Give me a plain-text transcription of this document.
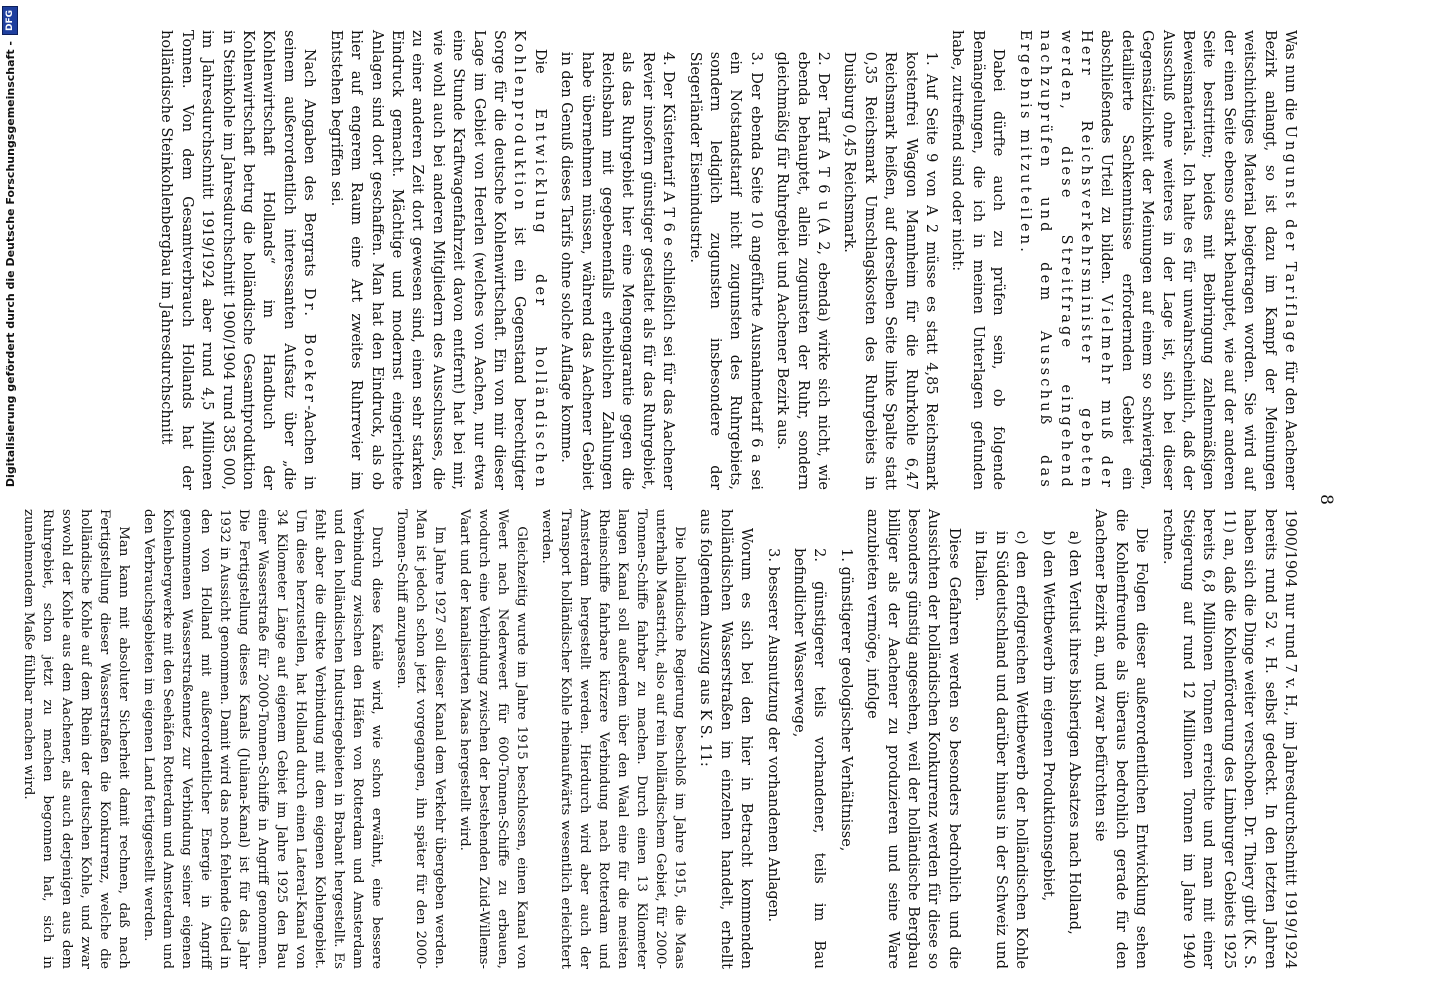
8

Was nun die Ungunst der Tariflage für den Aachener Bezirk anlangt, so ist dazu im Kampf der Meinungen weitschichtiges Material beigetragen worden. Sie wird auf der einen Seite ebenso stark behauptet, wie auf der anderen Seite bestritten; beides mit Beibringung zahlenmäßigen Beweismaterials. Ich halte es für unwahrscheinlich, daß der Ausschuß ohne weiteres in der Lage ist, sich bei dieser Gegensätzlichkeit der Meinungen auf einem so schwierigen, detaillierte Sachkenntnisse erfordernden Gebiet ein abschließendes Urteil zu bilden. Vielmehr muß der Herr Reichsverkehrsminister gebeten werden, diese Streitfrage eingehend nachzuprüfen und dem Ausschuß das Ergebnis mitzuteilen.

Dabei dürfte auch zu prüfen sein, ob folgende Bemängelungen, die ich in meinen Unterlagen gefunden habe, zutreffend sind oder nicht:

1. Auf Seite 9 von A 2 müsse es statt 4,85 Reichsmark kostenfrei Waggon Mannheim für die Ruhrkohle 6,47 Reichsmark heißen, auf derselben Seite linke Spalte statt 0,35 Reichsmark Umschlagskosten des Ruhrgebiets in Duisburg 0,45 Reichsmark.

2. Der Tarif A T 6 u (A 2, ebenda) wirke sich nicht, wie ebenda behauptet, allein zugunsten der Ruhr, sondern gleichmäßig für Ruhrgebiet und Aachener Bezirk aus.

3. Der ebenda Seite 10 angeführte Ausnahmetarif 6 a sei ein Notstandstarif nicht zugunsten des Ruhrgebiets, sondern lediglich zugunsten insbesondere der Siegerländer Eisenindustrie.

4. Der Küstentarif A T 6 e schließlich sei für das Aachener Revier insofern günstiger gestaltet als für das Ruhrgebiet, als das Ruhrgebiet hier eine Mengengarantie gegen die Reichsbahn mit gegebenenfalls erheblichen Zahlungen habe übernehmen müssen, während das Aachener Gebiet in den Genuß dieses Tarifs ohne solche Auflage komme.

Die Entwicklung der holländischen Kohlenproduktion ist ein Gegenstand berechtigter Sorge für die deutsche Kohlenwirtschaft. Ein von mir dieser Lage im Gebiet von Heerlen (welches von Aachen, nur etwa eine Stunde Kraftwagenfahrzeit davon entfernt) hat bei mir, wie wohl auch bei anderen Mitgliedern des Ausschusses, die zu einer anderen Zeit dort gewesen sind, einen sehr starken Eindruck gemacht. Mächtige und modernst eingerichtete Anlagen sind dort geschaffen. Man hat den Eindruck, als ob hier auf engerem Raum eine Art zweites Ruhrrevier im Entstehen begriffen sei.

Nach Angaben des Bergrats Dr. Boeker-Aachen in seinem außerordentlich interessanten Aufsatz über „die Kohlenwirtschaft Hollands“ im Handbuch der Kohlenwirtschaft betrug die holländische Gesamtproduktion in Steinkohle im Jahresdurchschnitt 1900/1904 rund 385 000, im Jahresdurchschnitt 1919/1924 aber rund 4,5 Millionen Tonnen. Von dem Gesamtverbrauch Hollands hat der holländische Steinkohlenbergbau im Jahresdurchschnitt

1900/1904 nur rund 7 v. H., im Jahresdurchschnitt 1919/1924 bereits rund 52 v. H. selbst gedeckt. In den letzten Jahren haben sich die Dinge weiter verschoben. Dr. Thiery gibt (K. S. 11) an, daß die Kohlenförderung des Limburger Gebiets 1925 bereits 6,8 Millionen Tonnen erreichte und man mit einer Steigerung auf rund 12 Millionen Tonnen im Jahre 1940 rechne.

Die Folgen dieser außerordentlichen Entwicklung sehen die Kohlenfreunde als überaus bedrohlich gerade für den Aachener Bezirk an, und zwar befürchten sie

a) den Verlust ihres bisherigen Absatzes nach Holland,

b) den Wettbewerb im eigenen Produktionsgebiet,

c) den erfolgreichen Wettbewerb der holländischen Kohle in Süddeutschland und darüber hinaus in der Schweiz und in Italien.

Diese Gefahren werden so besonders bedrohlich und die Aussichten der holländischen Konkurrenz werden für diese so besonders günstig angesehen, weil der holländische Bergbau billiger als der Aachener zu produzieren und seine Ware anzubieten vermöge, infolge

1. günstigerer geologischer Verhältnisse,

2. günstigerer teils vorhandener, teils im Bau befindlicher Wasserwege,

3. besserer Ausnutzung der vorhandenen Anlagen.

Worum es sich bei den hier in Betracht kommenden holländischen Wasserstraßen im einzelnen handelt, erhellt aus folgendem Auszug aus K S. 11:

Die holländische Regierung beschloß im Jahre 1915, die Maas unterhalb Maastricht, also auf rein holländischem Gebiet, für 2000-Tonnen-Schiffe fahrbar zu machen. Durch einen 13 Kilometer langen Kanal soll außerdem über den Waal eine für die meisten Rheinschiffe fahrbare kürzere Verbindung nach Rotterdam und Amsterdam hergestellt werden. Hierdurch wird aber auch der Transport holländischer Kohle rheinaufwärts wesentlich erleichtert werden.

Gleichzeitig wurde im Jahre 1915 beschlossen, einen Kanal von Weert nach Nederweert für 600-Tonnen-Schiffe zu erbauen, wodurch eine Verbindung zwischen der bestehenden Zuid-Willems-Vaart und der kanalisierten Maas hergestellt wird.

Im Jahre 1927 soll dieser Kanal dem Verkehr übergeben werden. Man ist jedoch schon jetzt vorgegangen, ihn später für den 2000-Tonnen-Schiff anzupassen.

Durch diese Kanäle wird, wie schon erwähnt, eine bessere Verbindung zwischen den Häfen von Rotterdam und Amsterdam und den holländischen Industriegebieten in Brabant hergestellt. Es fehlt aber die direkte Verbindung mit dem eigenen Kohlengebiet. Um diese herzustellen, hat Holland durch einen Lateral-Kanal von 34 Kilometer Länge auf eigenem Gebiet im Jahre 1925 den Bau einer Wasserstraße für 2000-Tonnen-Schiffe in Angriff genommen. Die Fertigstellung dieses Kanals (Juliana-Kanal) ist für das Jahr 1932 in Aussicht genommen. Damit wird das noch fehlende Glied in den von Holland mit außerordentlicher Energie in Angriff genommenen Wasserstraßennetz zur Verbindung seiner eigenen Kohlenbergwerke mit den Seehäfen Rotterdam und Amsterdam und den Verbrauchsgebieten im eigenen Land fertiggestellt werden.

Man kann mit absoluter Sicherheit damit rechnen, daß nach Fertigstellung dieser Wasserstraßen die Konkurrenz, welche die holländische Kohle auf dem Rhein der deutschen Kohle, und zwar sowohl der Kohle aus dem Aachener, als auch derjenigen aus dem Ruhrgebiet, schon jetzt zu machen begonnen hat, sich in zunehmendem Maße fühlbar machen wird.

Digitalisierung gefördert durch die Deutsche Forschungsgemeinschaft -
DFG
